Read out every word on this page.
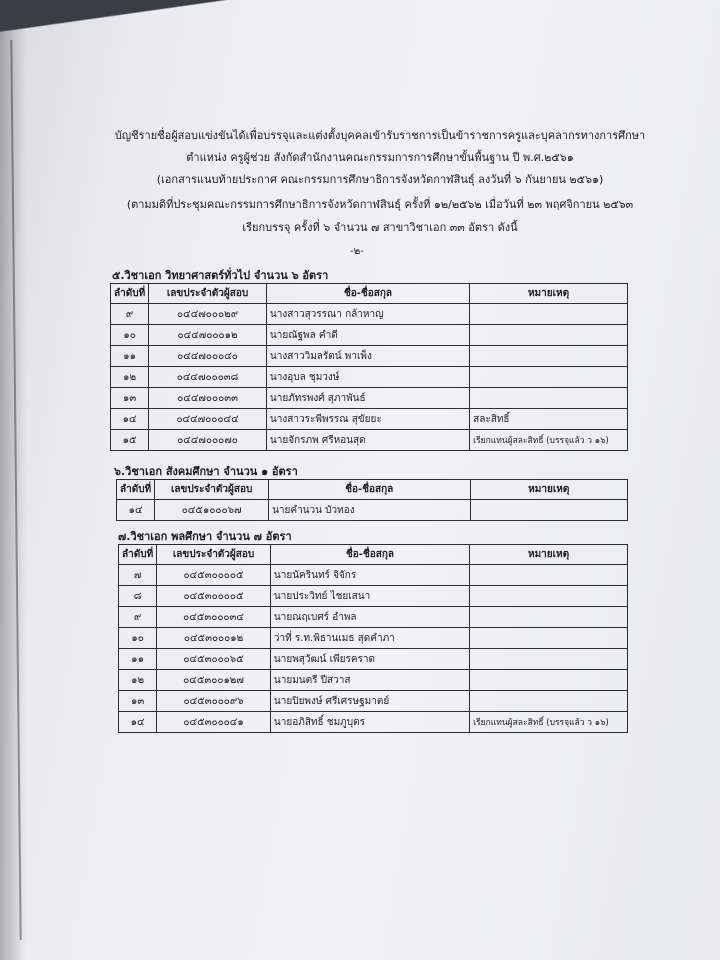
บัญชีรายชื่อผู้สอบแข่งขันได้เพื่อบรรจุและแต่งตั้งบุคคลเข้ารับราชการเป็นข้าราชการครูและบุคลากรทางการศึกษา
ตำแหน่ง ครูผู้ช่วย สังกัดสำนักงานคณะกรรมการการศึกษาขั้นพื้นฐาน ปี พ.ศ.๒๕๖๑
(เอกสารแนบท้ายประกาศ คณะกรรมการศึกษาธิการจังหวัดกาฬสินธุ์ ลงวันที่ ๖ กันยายน ๒๕๖๑)
(ตามมติที่ประชุมคณะกรรมการศึกษาธิการจังหวัดกาฬสินธุ์ ครั้งที่ ๑๒/๒๕๖๒ เมื่อวันที่ ๒๓ พฤศจิกายน ๒๕๖๓
เรียกบรรจุ ครั้งที่ ๖ จำนวน ๗ สาขาวิชาเอก ๓๓ อัตรา ดังนี้
-๒-
๕.วิชาเอก วิทยาศาสตร์ทั่วไป จำนวน ๖ อัตรา
ลำดับที่	เลขประจำตัวผู้สอบ	ชื่อ-ชื่อสกุล	หมายเหตุ
๙	๐๔๔๗๐๐๐๒๙	นางสาวสุวรรณา กล้าหาญ	
๑๐	๐๔๔๗๐๐๐๑๒	นายณัฐพล คำดี	
๑๑	๐๔๔๗๐๐๐๔๐	นางสาววิมลรัตน์ พาเพ็ง	
๑๒	๐๔๔๗๐๐๐๓๘	นางอุบล ชุมวงษ์	
๑๓	๐๔๔๗๐๐๐๓๓	นายภัทรพงศ์ สุภาพันธ์	
๑๔	๐๔๔๗๐๐๐๔๔	นางสาวระพีพรรณ สุขัยยะ	สละสิทธิ์
๑๕	๐๔๔๗๐๐๐๗๐	นายจักรภพ ศรีหอนสุด	เรียกแทนผู้สละสิทธิ์ (บรรจุแล้ว ว ๑๖)
๖.วิชาเอก สังคมศึกษา จำนวน ๑ อัตรา
ลำดับที่	เลขประจำตัวผู้สอบ	ชื่อ-ชื่อสกุล	หมายเหตุ
๑๔	๐๔๕๑๐๐๐๖๗	นายคำนวน บัวทอง	
๗.วิชาเอก พลศึกษา จำนวน ๗ อัตรา
ลำดับที่	เลขประจำตัวผู้สอบ	ชื่อ-ชื่อสกุล	หมายเหตุ
๗	๐๔๕๓๐๐๐๐๕	นายนัครินทร์ จิจักร	
๘	๐๔๕๓๐๐๐๐๕	นายประวิทย์ ไชยเสนา	
๙	๐๔๕๓๐๐๐๓๔	นายณฤเบศร์ อำพล	
๑๐	๐๔๕๓๐๐๐๑๒	ว่าที่ ร.ท.พิธานเมธ สุดคำภา	
๑๑	๐๔๕๓๐๐๐๖๕	นายพสุวัฒน์ เพียรคราด	
๑๒	๐๔๕๓๐๐๑๒๗	นายมนตรี ปีสวาส	
๑๓	๐๔๕๓๐๐๐๙๖	นายปิยพงษ์ ศรีเศรษฐมาตย์	
๑๔	๐๔๕๓๐๐๐๔๑	นายอภิสิทธิ์ ชมภูบุตร	เรียกแทนผู้สละสิทธิ์ (บรรจุแล้ว ว ๑๖)
